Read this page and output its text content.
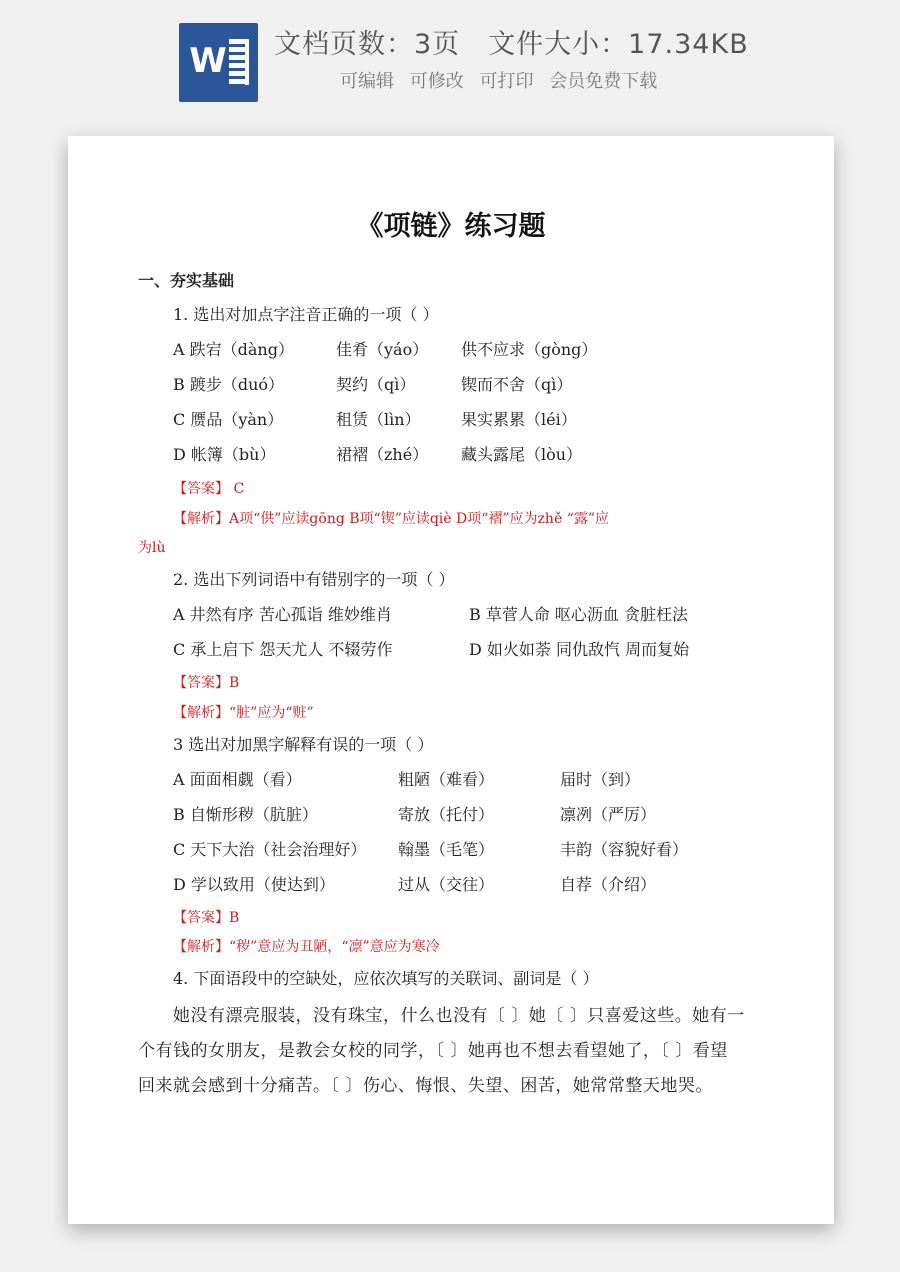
W 文档页数：3页 文件大小：17.34KB
可编辑 可修改 可打印 会员免费下载
《项链》练习题
一、夯实基础
1. 选出对加点字注音正确的一项（ ）
A 跌宕（dàng）	佳肴（yáo） 供不应求（gòng）
B 踱步（duó）	契约（qì）	锲而不舍（qì）
C 赝品（yàn）	租赁（lìn）	果实累累（léi）
D 帐簿（bù）	裙褶（zhé） 藏头露尾（lòu）
【答案】 C
【解析】A项“供”应读gōng B项“锲”应读qiè D项“褶”应为zhě “露”应
为lù
2. 选出下列词语中有错别字的一项（ ）
A 井然有序 苦心孤诣 维妙维肖	B 草菅人命 呕心沥血 贪脏枉法
C 承上启下 怨天尤人 不辍劳作	D 如火如荼 同仇敌忾 周而复始
【答案】B
【解析】“脏”应为“赃”
3 选出对加黑字解释有误的一项（ ）
A 面面相觑（看）	粗陋（难看）	届时（到）
B 自惭形秽（肮脏）	寄放（托付）	凛冽（严厉）
C 天下大治（社会治理好） 翰墨（毛笔）	丰韵（容貌好看）
D 学以致用（使达到）	过从（交往）	自荐（介绍）
【答案】B
【解析】“秽”意应为丑陋，“凛”意应为寒冷
4. 下面语段中的空缺处，应依次填写的关联词、副词是（ ）
她没有漂亮服装，没有珠宝，什么也没有〔 〕她〔 〕只喜爱这些。她有一
个有钱的女朋友，是教会女校的同学，〔 〕她再也不想去看望她了，〔 〕看望
回来就会感到十分痛苦。〔 〕伤心、悔恨、失望、困苦，她常常整天地哭。
